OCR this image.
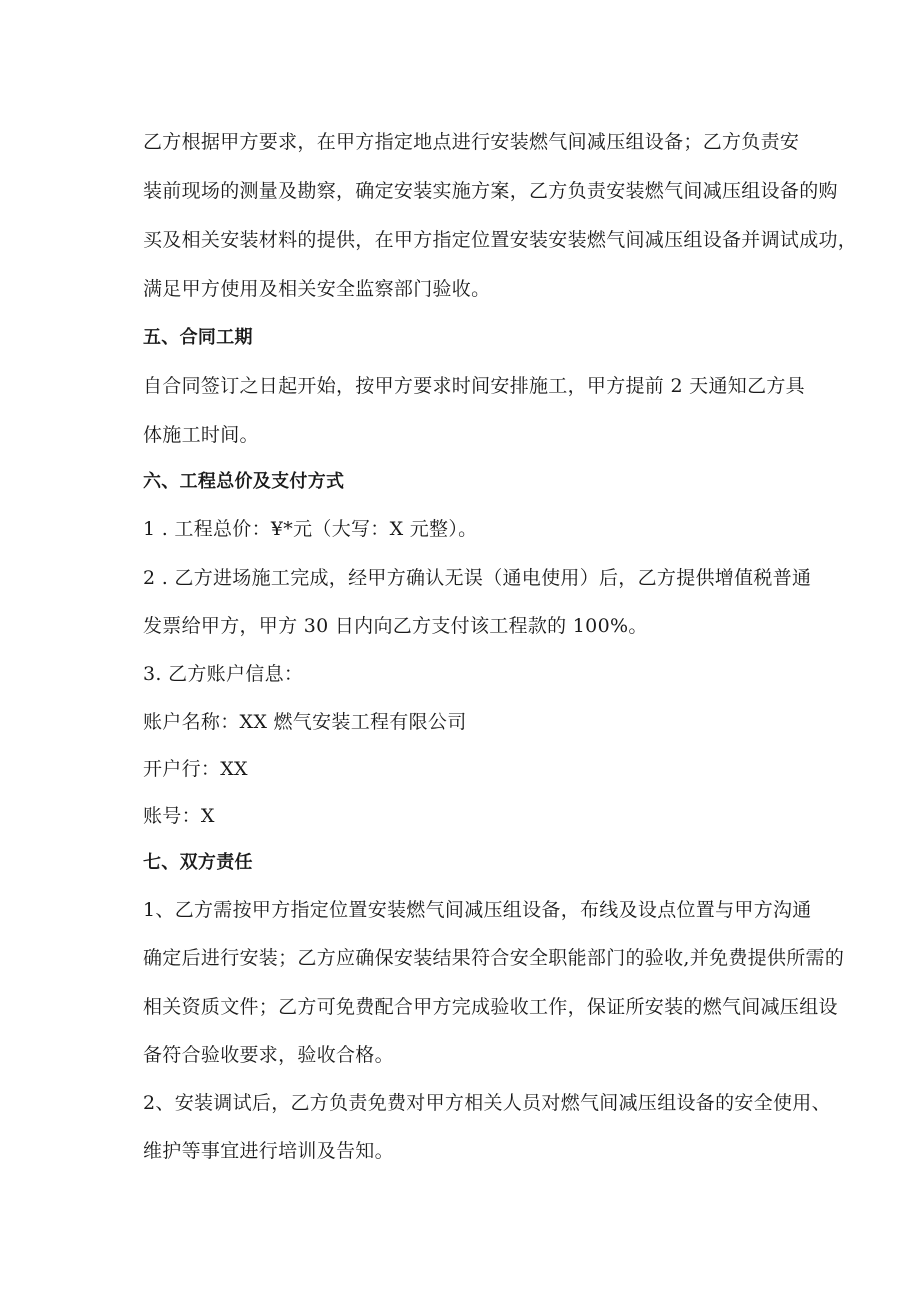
乙方根据甲方要求，在甲方指定地点进行安装燃气间减压组设备；乙方负责安
装前现场的测量及勘察，确定安装实施方案，乙方负责安装燃气间减压组设备的购
买及相关安装材料的提供，在甲方指定位置安装安装燃气间减压组设备并调试成功，
满足甲方使用及相关安全监察部门验收。
五、合同工期
自合同签订之日起开始，按甲方要求时间安排施工，甲方提前 2 天通知乙方具
体施工时间。
六、工程总价及支付方式
1 . 工程总价：¥*元（大写：X 元整）。
2 . 乙方进场施工完成，经甲方确认无误（通电使用）后，乙方提供增值税普通
发票给甲方，甲方 30 日内向乙方支付该工程款的 100%。
3. 乙方账户信息：
账户名称：XX 燃气安装工程有限公司
开户行：XX
账号：X
七、双方责任
1、乙方需按甲方指定位置安装燃气间减压组设备，布线及设点位置与甲方沟通
确定后进行安装；乙方应确保安装结果符合安全职能部门的验收,并免费提供所需的
相关资质文件；乙方可免费配合甲方完成验收工作，保证所安装的燃气间减压组设
备符合验收要求，验收合格。
2、安装调试后，乙方负责免费对甲方相关人员对燃气间减压组设备的安全使用、
维护等事宜进行培训及告知。
